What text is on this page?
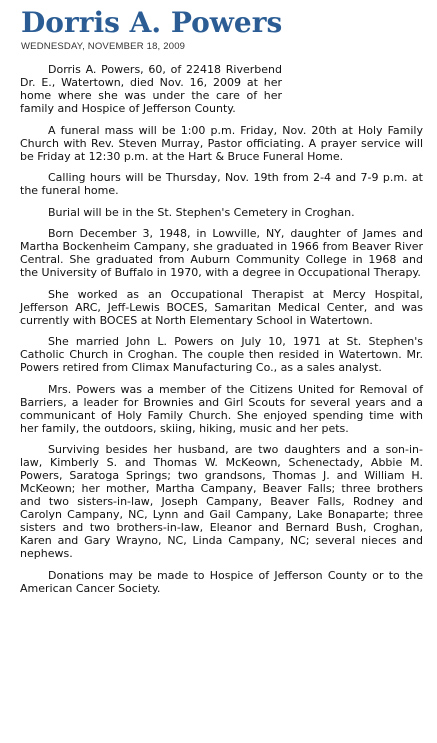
Dorris A. Powers
WEDNESDAY, NOVEMBER 18, 2009

Dorris A. Powers, 60, of 22418 Riverbend Dr. E., Watertown, died Nov. 16, 2009 at her home where she was under the care of her family and Hospice of Jefferson County.

A funeral mass will be 1:00 p.m. Friday, Nov. 20th at Holy Family Church with Rev. Steven Murray, Pastor officiating. A prayer service will be Friday at 12:30 p.m. at the Hart & Bruce Funeral Home.

Calling hours will be Thursday, Nov. 19th from 2-4 and 7-9 p.m. at the funeral home.

Burial will be in the St. Stephen's Cemetery in Croghan.

Born December 3, 1948, in Lowville, NY, daughter of James and Martha Bockenheim Campany, she graduated in 1966 from Beaver River Central. She graduated from Auburn Community College in 1968 and the University of Buffalo in 1970, with a degree in Occupational Therapy.

She worked as an Occupational Therapist at Mercy Hospital, Jefferson ARC, Jeff-Lewis BOCES, Samaritan Medical Center, and was currently with BOCES at North Elementary School in Watertown.

She married John L. Powers on July 10, 1971 at St. Stephen's Catholic Church in Croghan. The couple then resided in Watertown. Mr. Powers retired from Climax Manufacturing Co., as a sales analyst.

Mrs. Powers was a member of the Citizens United for Removal of Barriers, a leader for Brownies and Girl Scouts for several years and a communicant of Holy Family Church. She enjoyed spending time with her family, the outdoors, skiing, hiking, music and her pets.

Surviving besides her husband, are two daughters and a son-in-law, Kimberly S. and Thomas W. McKeown, Schenectady, Abbie M. Powers, Saratoga Springs; two grandsons, Thomas J. and William H. McKeown; her mother, Martha Campany, Beaver Falls; three brothers and two sisters-in-law, Joseph Campany, Beaver Falls, Rodney and Carolyn Campany, NC, Lynn and Gail Campany, Lake Bonaparte; three sisters and two brothers-in-law, Eleanor and Bernard Bush, Croghan, Karen and Gary Wrayno, NC, Linda Campany, NC; several nieces and nephews.

Donations may be made to Hospice of Jefferson County or to the American Cancer Society.
